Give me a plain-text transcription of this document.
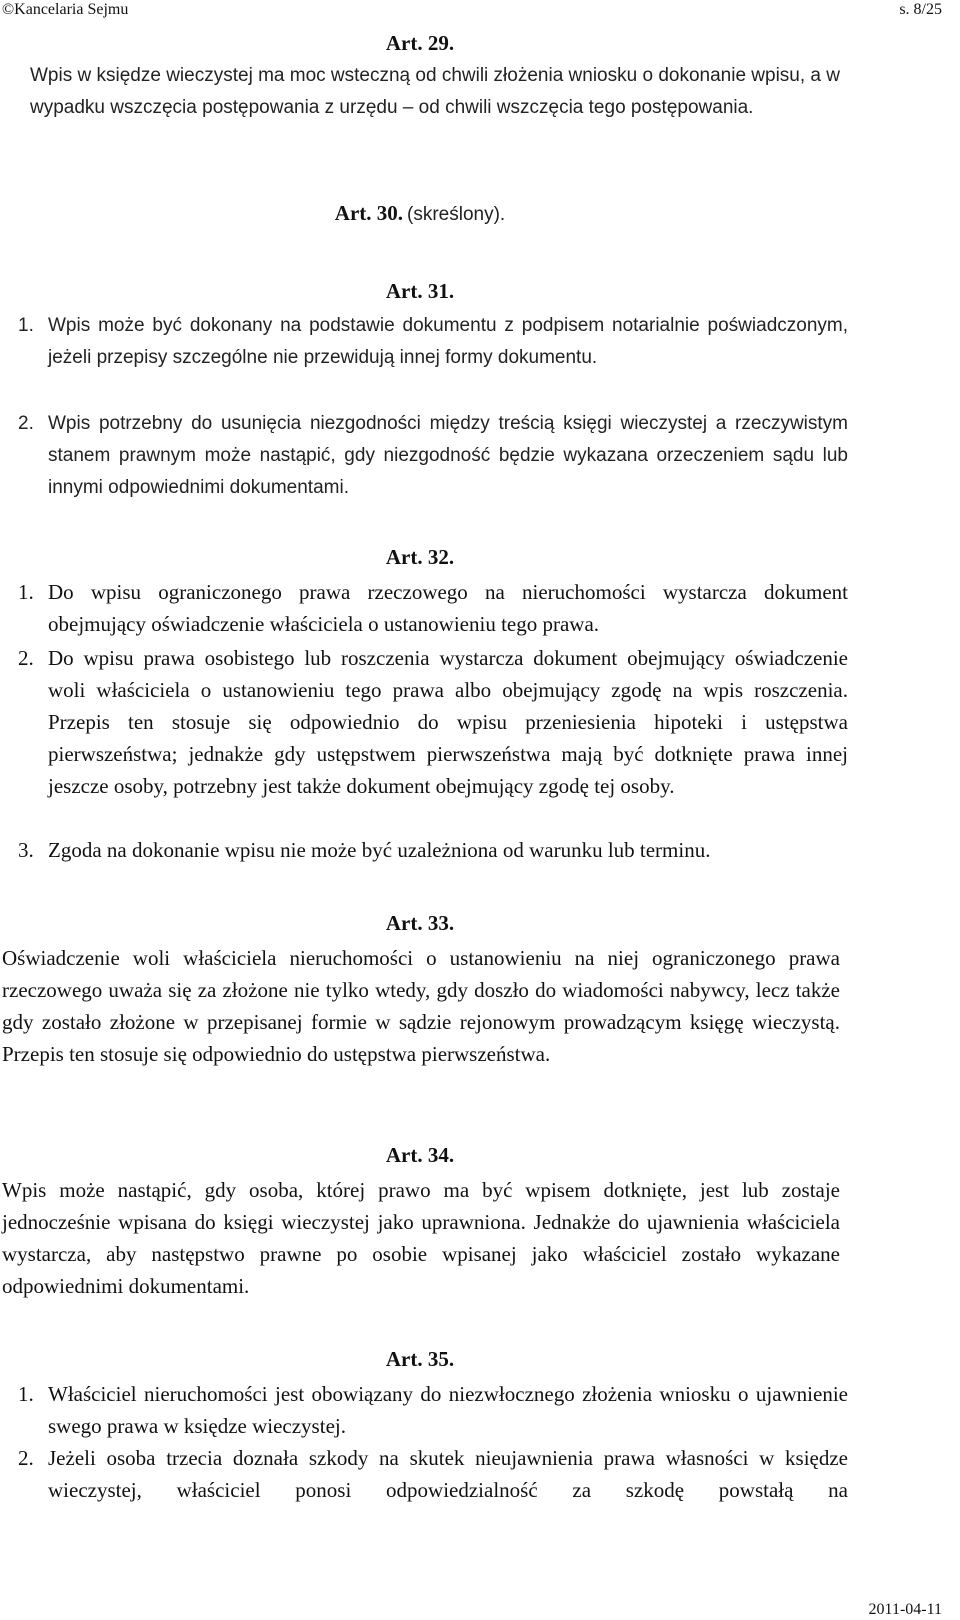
©Kancelaria Sejmu	s. 8/25
Art. 29.
Wpis w księdze wieczystej ma moc wsteczną od chwili złożenia wniosku o dokonanie wpisu, a w wypadku wszczęcia postępowania z urzędu – od chwili wszczęcia tego postępowania.
Art. 30. (skreślony).
Art. 31.
1. Wpis może być dokonany na podstawie dokumentu z podpisem notarialnie poświadczonym, jeżeli przepisy szczególne nie przewidują innej formy dokumentu.
2. Wpis potrzebny do usunięcia niezgodności między treścią księgi wieczystej a rzeczywistym stanem prawnym może nastąpić, gdy niezgodność będzie wykazana orzeczeniem sądu lub innymi odpowiednimi dokumentami.
Art. 32.
1. Do wpisu ograniczonego prawa rzeczowego na nieruchomości wystarcza dokument obejmujący oświadczenie właściciela o ustanowieniu tego prawa.
2. Do wpisu prawa osobistego lub roszczenia wystarcza dokument obejmujący oświadczenie woli właściciela o ustanowieniu tego prawa albo obejmujący zgodę na wpis roszczenia. Przepis ten stosuje się odpowiednio do wpisu przeniesienia hipoteki i ustępstwa pierwszeństwa; jednakże gdy ustępstwem pierwszeństwa mają być dotknięte prawa innej jeszcze osoby, potrzebny jest także dokument obejmujący zgodę tej osoby.
3. Zgoda na dokonanie wpisu nie może być uzależniona od warunku lub terminu.
Art. 33.
Oświadczenie woli właściciela nieruchomości o ustanowieniu na niej ograniczonego prawa rzeczowego uważa się za złożone nie tylko wtedy, gdy doszło do wiadomości nabywcy, lecz także gdy zostało złożone w przepisanej formie w sądzie rejonowym prowadzącym księgę wieczystą. Przepis ten stosuje się odpowiednio do ustępstwa pierwszeństwa.
Art. 34.
Wpis może nastąpić, gdy osoba, której prawo ma być wpisem dotknięte, jest lub zostaje jednocześnie wpisana do księgi wieczystej jako uprawniona. Jednakże do ujawnienia właściciela wystarcza, aby następstwo prawne po osobie wpisanej jako właściciel zostało wykazane odpowiednimi dokumentami.
Art. 35.
1. Właściciel nieruchomości jest obowiązany do niezwłocznego złożenia wniosku o ujawnienie swego prawa w księdze wieczystej.
2. Jeżeli osoba trzecia doznała szkody na skutek nieujawnienia prawa własności w księdze wieczystej, właściciel ponosi odpowiedzialność za szkodę powstałą na
2011-04-11
